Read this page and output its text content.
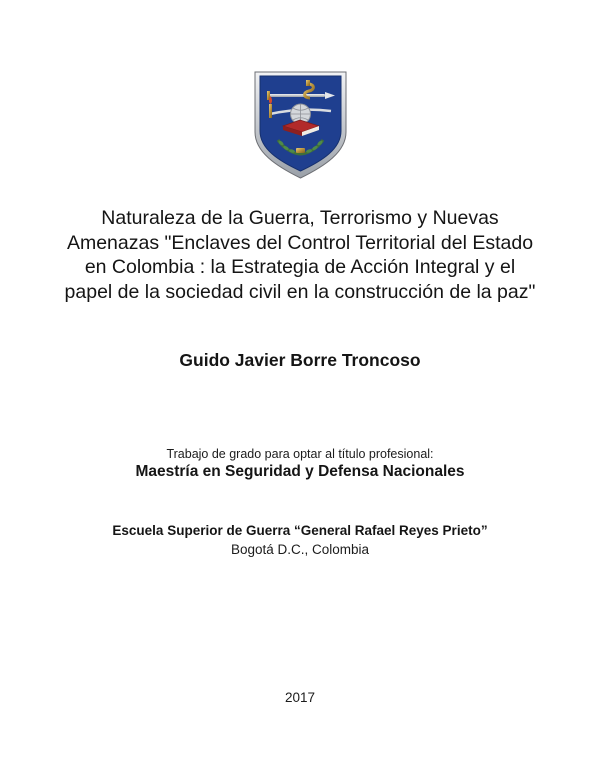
Naturaleza de la Guerra, Terrorismo y Nuevas Amenazas "Enclaves del Control Territorial del Estado en Colombia : la Estrategia de Acción Integral y el papel de la sociedad civil en la construcción de la paz"
Guido Javier Borre Troncoso
Trabajo de grado para optar al título profesional:
Maestría en Seguridad y Defensa Nacionales
Escuela Superior de Guerra “General Rafael Reyes Prieto”
Bogotá D.C., Colombia
2017
